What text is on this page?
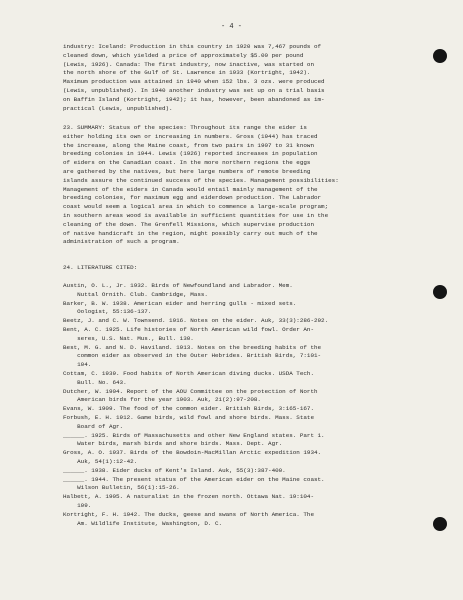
- 4 -
industry: Iceland: Production in this country in 1920 was 7,467 pounds of
cleaned down, which yielded a price of approximately $5.00 per pound
(Lewis, 1926). Canada: The first industry, now inactive, was started on
the north shore of the Gulf of St. Lawrence in 1933 (Kortright, 1942).
Maximum production was attained in 1940 when 152 lbs. 3 ozs. were produced
(Lewis, unpublished). In 1940 another industry was set up on a trial basis
on Baffin Island (Kortright, 1942); it has, however, been abandoned as im-
practical (Lewis, unpublished).
23. SUMMARY: Status of the species: Throughout its range the eider is
either holding its own or increasing in numbers. Gross (1944) has traced
the increase, along the Maine coast, from two pairs in 1907 to 31 known
breeding colonies in 1944. Lewis (1926) reported increases in population
of eiders on the Canadian coast. In the more northern regions the eggs
are gathered by the natives, but here large numbers of remote breeding
islands assure the continued success of the species. Management possibilities:
Management of the eiders in Canada would entail mainly management of the
breeding colonies, for maximum egg and eiderdown production. The Labrador
coast would seem a logical area in which to commence a large-scale program;
in southern areas wood is available in sufficient quantities for use in the
cleaning of the down. The Grenfell Missions, which supervise production
of native handicraft in the region, might possibly carry out much of the
administration of such a program.
24. LITERATURE CITED:
Austin, O. L., Jr. 1932. Birds of Newfoundland and Labrador. Mem.
Nuttal Ornith. Club. Cambridge, Mass.
Barker, B. W. 1938. American eider and herring gulls - mixed sets.
Oologist, 55:136-137.
Beetz, J. and C. W. Townsend. 1916. Notes on the eider. Auk, 33(3):286-292.
Bent, A. C. 1925. Life histories of North American wild fowl. Order An-
seres, U.S. Nat. Mus., Bull. 130.
Best, M. G. and N. D. Haviland. 1913. Notes on the breeding habits of the
common eider as observed in the Outer Hebrides. British Birds, 7:101-
104.
Cottam, C. 1939. Food habits of North American diving ducks. USDA Tech.
Bull. No. 643.
Dutcher, W. 1904. Report of the AOU Committee on the protection of North
American birds for the year 1903. Auk, 21(2):97-208.
Evans, W. 1909. The food of the common eider. British Birds, 3:165-167.
Forbush, E. H. 1912. Game birds, wild fowl and shore birds. Mass. State
Board of Agr.
______. 1925. Birds of Massachusetts and other New England states. Part 1.
Water birds, marsh birds and shore birds. Mass. Dept. Agr.
Gross, A. O. 1937. Birds of the Bowdoin-MacMillan Arctic expedition 1934.
Auk, 54(1):12-42.
______. 1938. Eider ducks of Kent's Island. Auk, 55(3):387-400.
______. 1944. The present status of the American eider on the Maine coast.
Wilson Bulletin, 56(1):15-26.
Halbett, A. 1905. A naturalist in the frozen north. Ottawa Nat. 19:104-
109.
Kortright, F. H. 1942. The ducks, geese and swans of North America. The
Am. Wildlife Institute, Washington, D. C.
